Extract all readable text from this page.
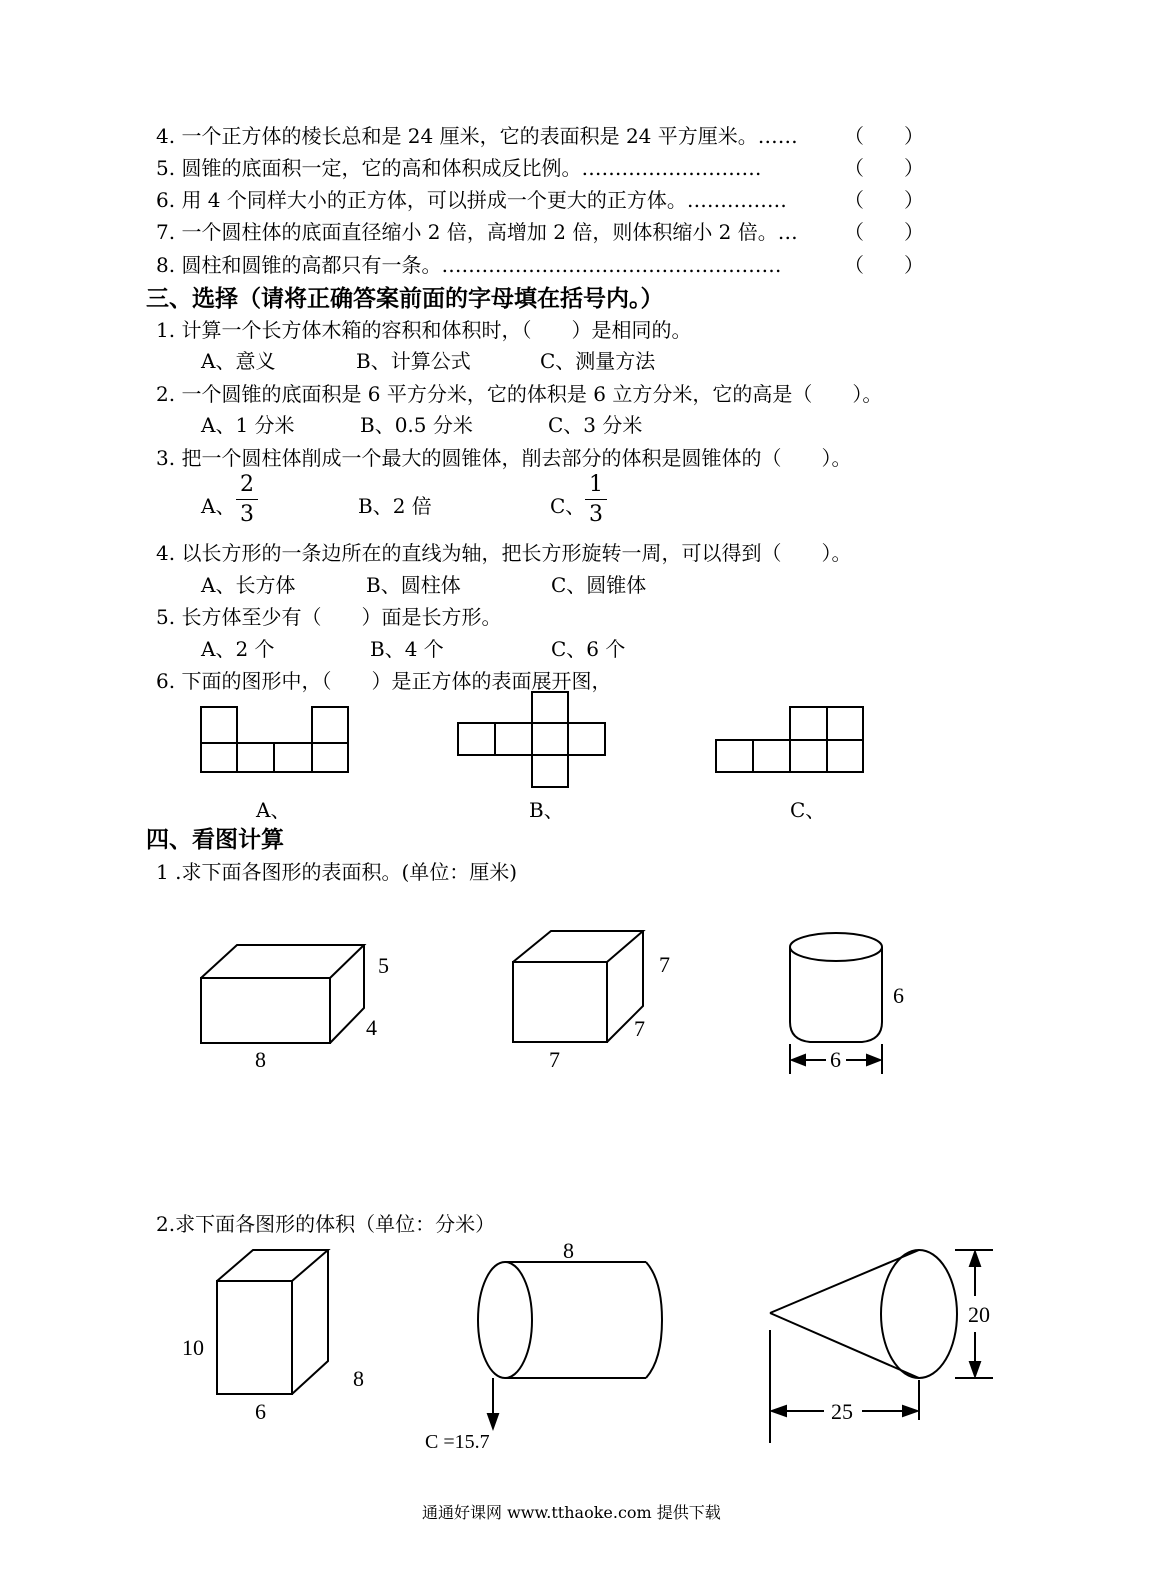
4. 一个正方体的棱长总和是 24 厘米，它的表面积是 24 平方厘米。…… （　　）
5. 圆锥的底面积一定，它的高和体积成反比例。………………………	（　　）
6. 用 4 个同样大小的正方体，可以拼成一个更大的正方体。……………	（　　）
7. 一个圆柱体的底面直径缩小 2 倍，高增加 2 倍，则体积缩小 2 倍。… （　　）
8. 圆柱和圆锥的高都只有一条。……………………………………………	（　　）
三、选择（请将正确答案前面的字母填在括号内。）
1. 计算一个长方体木箱的容积和体积时，（　　）是相同的。
A、意义	B、计算公式	C、测量方法
2. 一个圆锥的底面积是 6 平方分米，它的体积是 6 立方分米，它的高是（　　）。
A、1 分米	B、0.5 分米	C、3 分米
3. 把一个圆柱体削成一个最大的圆锥体，削去部分的体积是圆锥体的（　　）。
A、
2
3	B、2 倍	C、
1
3
4. 以长方形的一条边所在的直线为轴，把长方形旋转一周，可以得到（　　）。
A、长方体	B、圆柱体	C、圆锥体
5. 长方体至少有（　　）面是长方形。
A、2 个	B、4 个	C、6 个
6. 下面的图形中，（　　）是正方体的表面展开图，
A、	B、	C、
四、看图计算
1 .求下面各图形的表面积。(单位：厘米)
5
4
8
7
7
7
6
6
2.求下面各图形的体积（单位：分米）
10
8
6
8
C =15.7
20
25
通通好课网 www.tthaoke.com 提供下载
